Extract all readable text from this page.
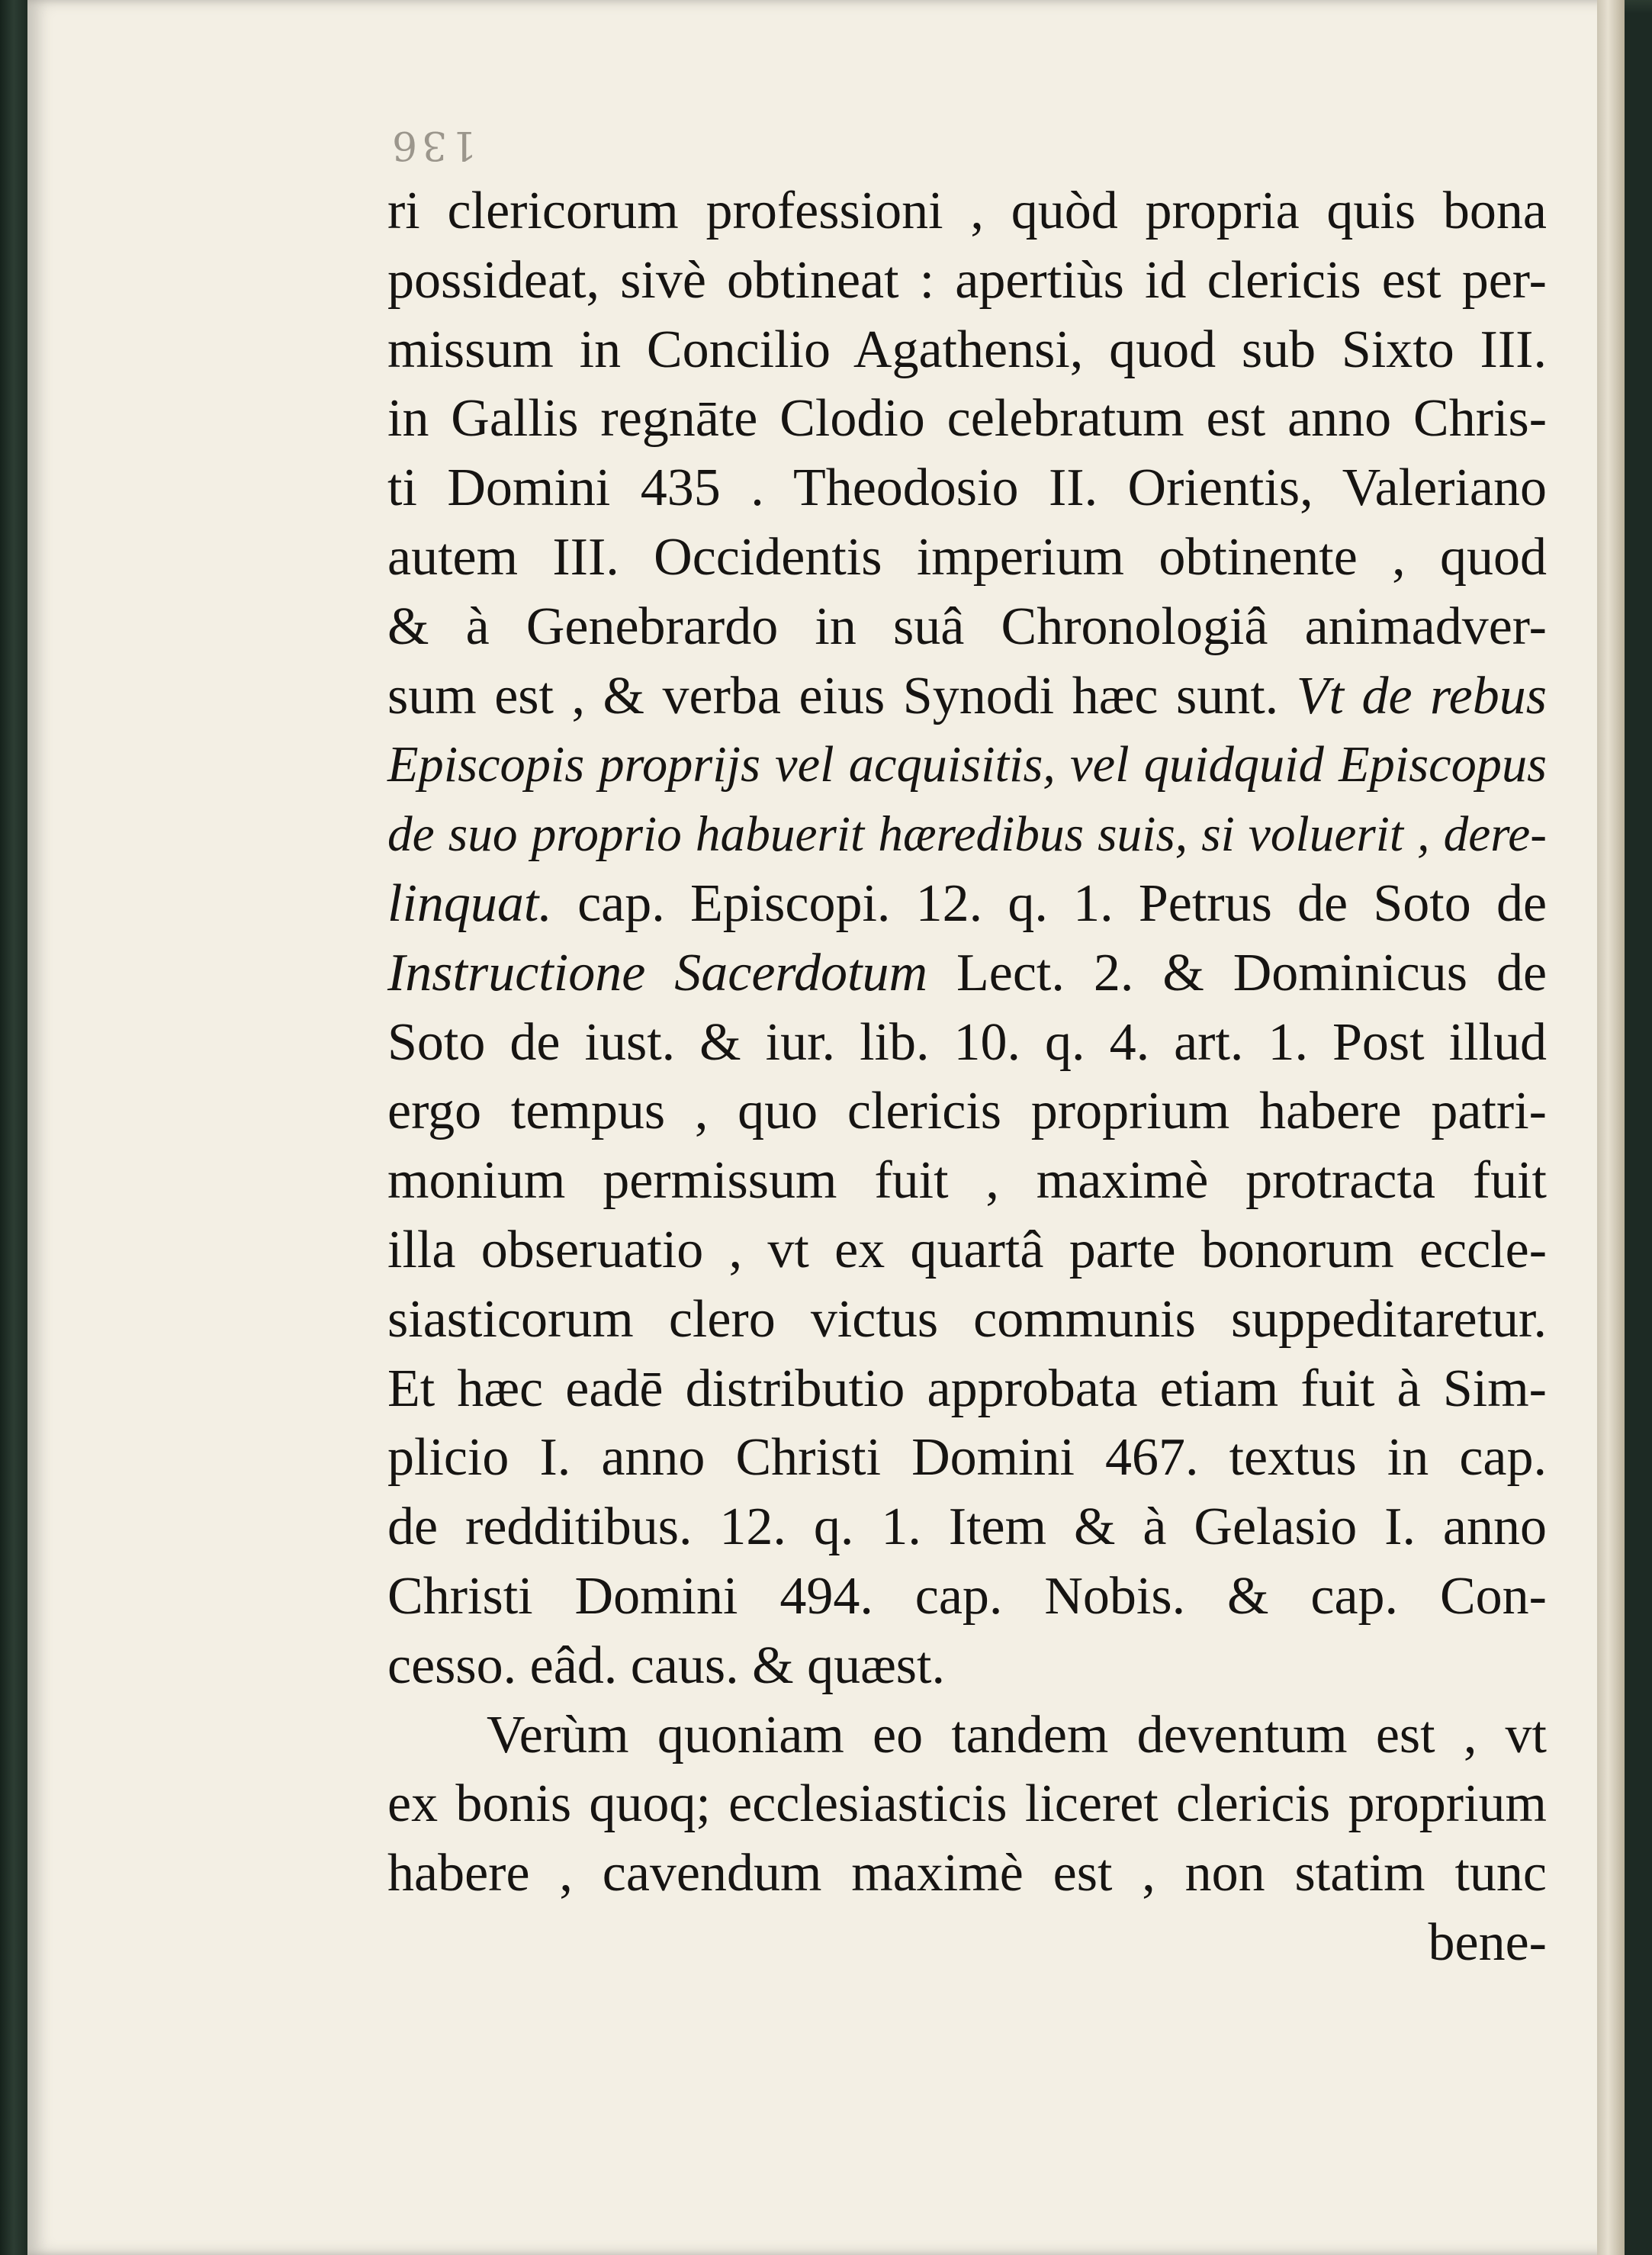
136
ri clericorum professioni , quòd propria quis bona
possideat, sivè obtineat : apertiùs id clericis est per-
missum in Concilio Agathensi, quod sub Sixto III.
in Gallis regnāte Clodio celebratum est anno Chris-
ti Domini 435 . Theodosio II. Orientis, Valeriano
autem III. Occidentis imperium obtinente , quod
& à Genebrardo in suâ Chronologiâ animadver-
sum est , & verba eius Synodi hæc sunt. Vt de rebus
Episcopis proprijs vel acquisitis, vel quidquid Episcopus
de suo proprio habuerit hæredibus suis, si voluerit , dere-
linquat. cap. Episcopi. 12. q. 1. Petrus de Soto de
Instructione Sacerdotum Lect. 2. & Dominicus de
Soto de iust. & iur. lib. 10. q. 4. art. 1. Post illud
ergo tempus , quo clericis proprium habere patri-
monium permissum fuit , maximè protracta fuit
illa obseruatio , vt ex quartâ parte bonorum eccle-
siasticorum clero victus communis suppeditaretur.
Et hæc eadē distributio approbata etiam fuit à Sim-
plicio I. anno Christi Domini 467. textus in cap.
de redditibus. 12. q. 1. Item & à Gelasio I. anno
Christi Domini 494. cap. Nobis. & cap. Con-
cesso. eâd. caus. & quæst.
Verùm quoniam eo tandem deventum est , vt
ex bonis quoq; ecclesiasticis liceret clericis proprium
habere , cavendum maximè est , non statim tunc
bene-
